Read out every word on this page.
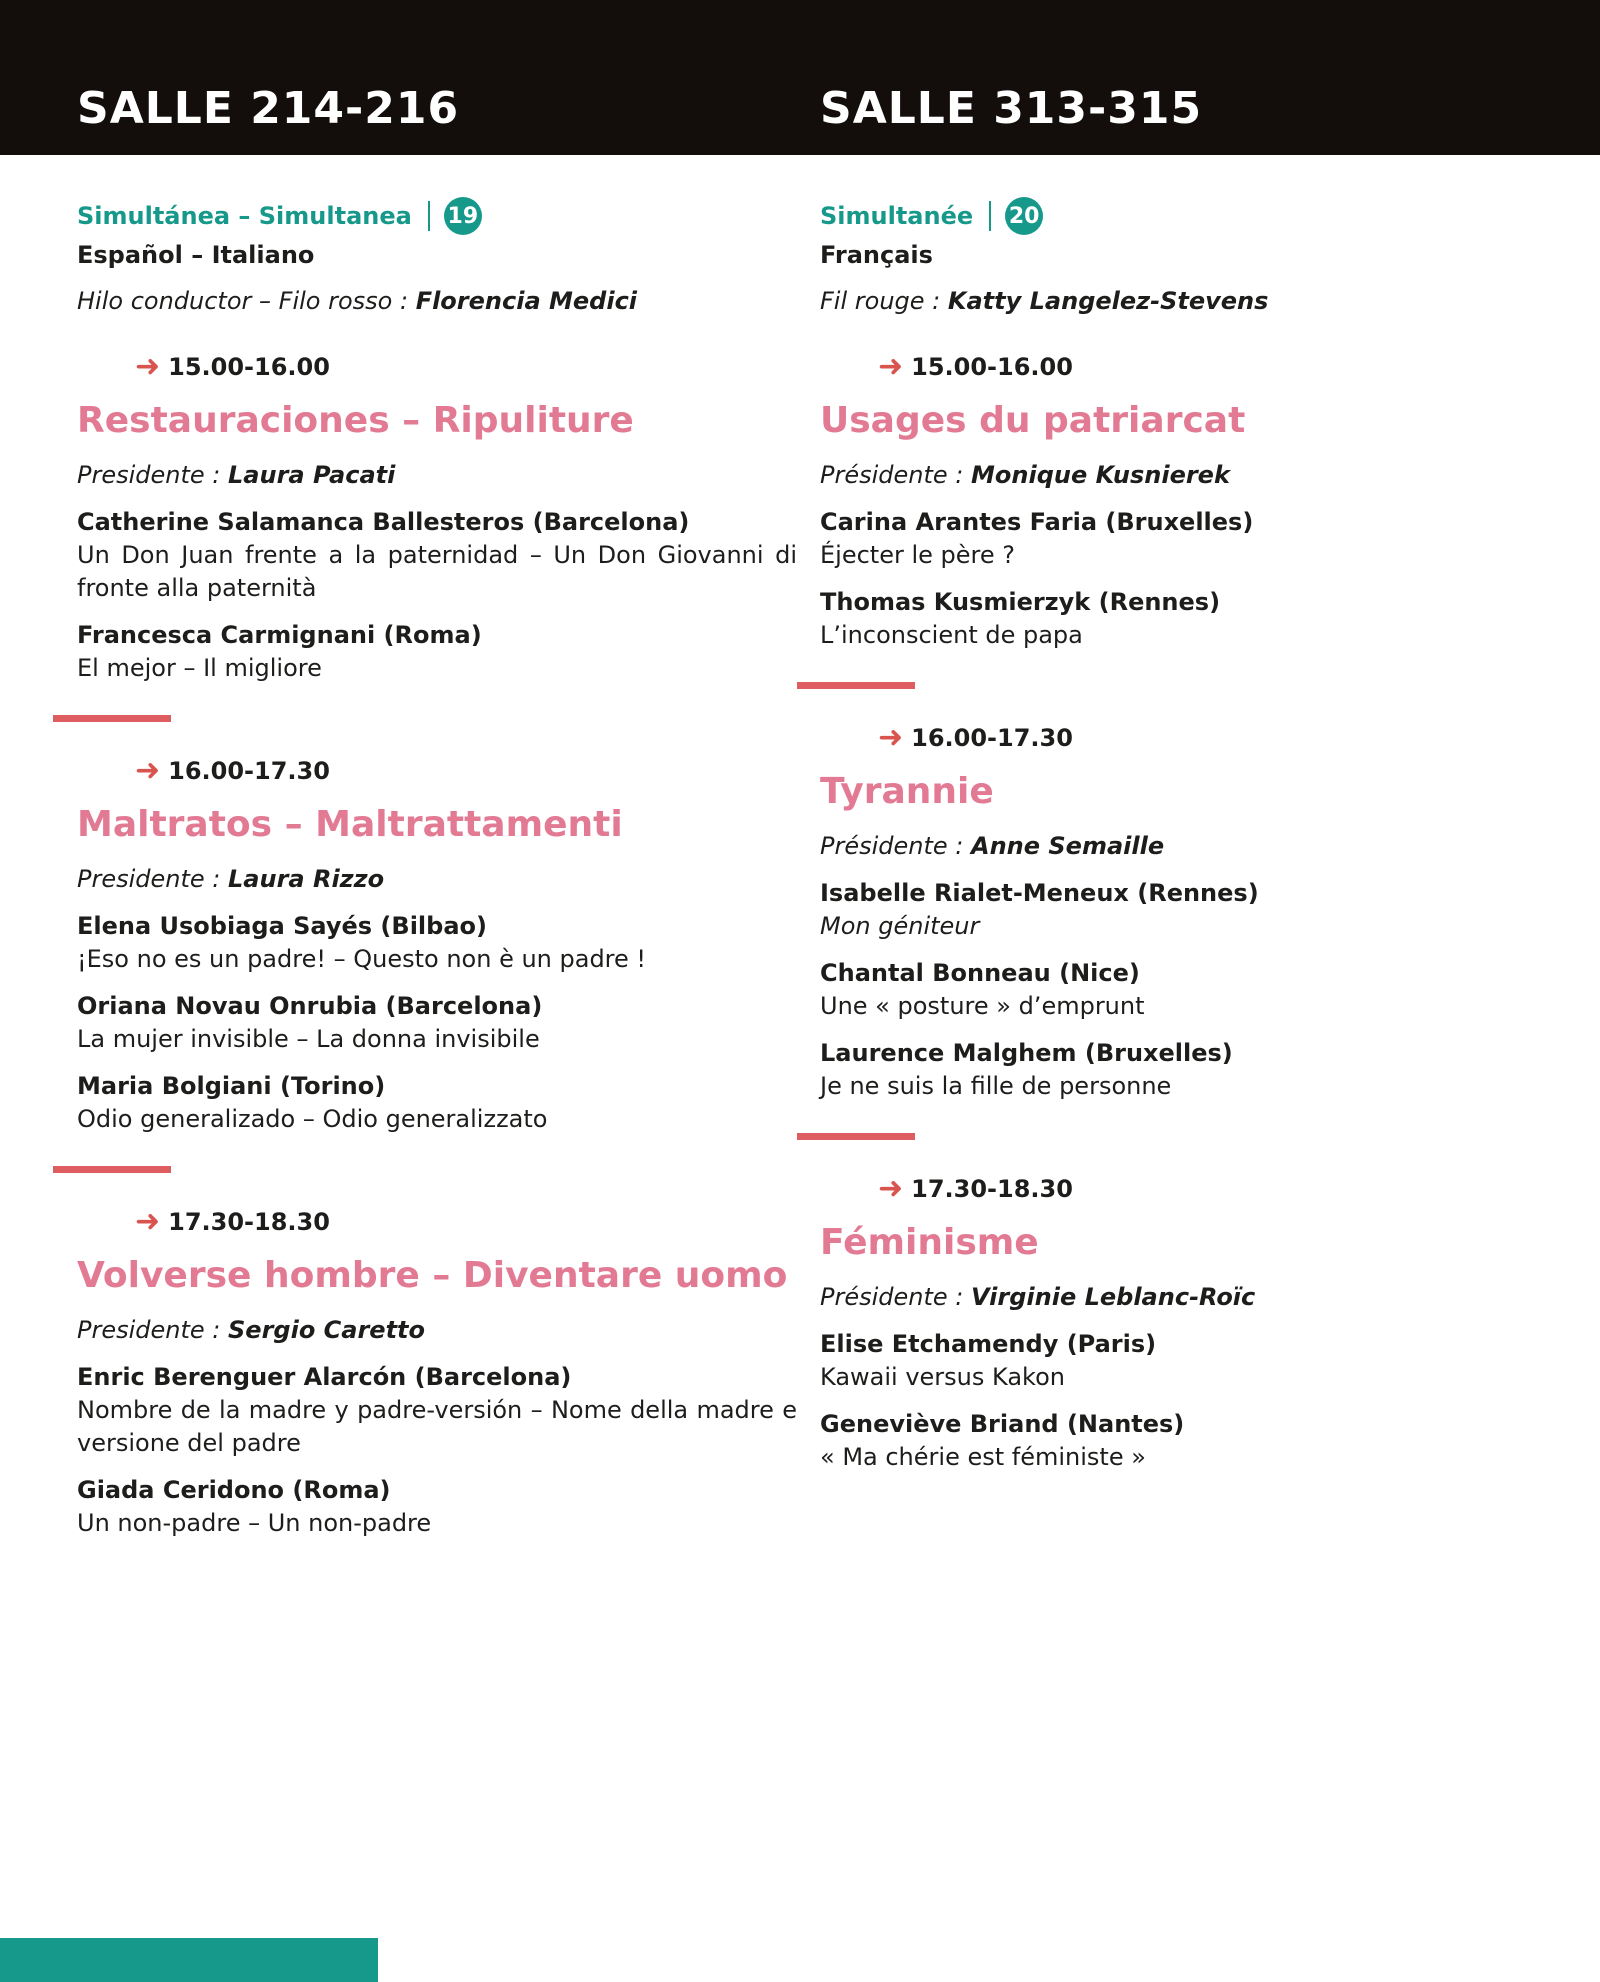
SALLE 214-216	SALLE 313-315
Simultánea – Simultanea 19
Español – Italiano
Hilo conductor – Filo rosso : Florencia Medici
➜ 15.00-16.00
Restauraciones – Ripuliture
Presidente : Laura Pacati
Catherine Salamanca Ballesteros (Barcelona)
Un Don Juan frente a la paternidad – Un Don Giovanni di fronte alla paternità
Francesca Carmignani (Roma)
El mejor – Il migliore
➜ 16.00-17.30
Maltratos – Maltrattamenti
Presidente : Laura Rizzo
Elena Usobiaga Sayés (Bilbao)
¡Eso no es un padre! – Questo non è un padre !
Oriana Novau Onrubia (Barcelona)
La mujer invisible – La donna invisibile
Maria Bolgiani (Torino)
Odio generalizado – Odio generalizzato
➜ 17.30-18.30
Volverse hombre – Diventare uomo
Presidente : Sergio Caretto
Enric Berenguer Alarcón (Barcelona)
Nombre de la madre y padre-versión – Nome della madre e versione del padre
Giada Ceridono (Roma)
Un non-padre – Un non-padre
Simultanée 20
Français
Fil rouge : Katty Langelez-Stevens
➜ 15.00-16.00
Usages du patriarcat
Présidente : Monique Kusnierek
Carina Arantes Faria (Bruxelles)
Éjecter le père ?
Thomas Kusmierzyk (Rennes)
L’inconscient de papa
➜ 16.00-17.30
Tyrannie
Présidente : Anne Semaille
Isabelle Rialet-Meneux (Rennes)
Mon géniteur
Chantal Bonneau (Nice)
Une « posture » d’emprunt
Laurence Malghem (Bruxelles)
Je ne suis la fille de personne
➜ 17.30-18.30
Féminisme
Présidente : Virginie Leblanc-Roïc
Elise Etchamendy (Paris)
Kawaii versus Kakon
Geneviève Briand (Nantes)
« Ma chérie est féministe »
